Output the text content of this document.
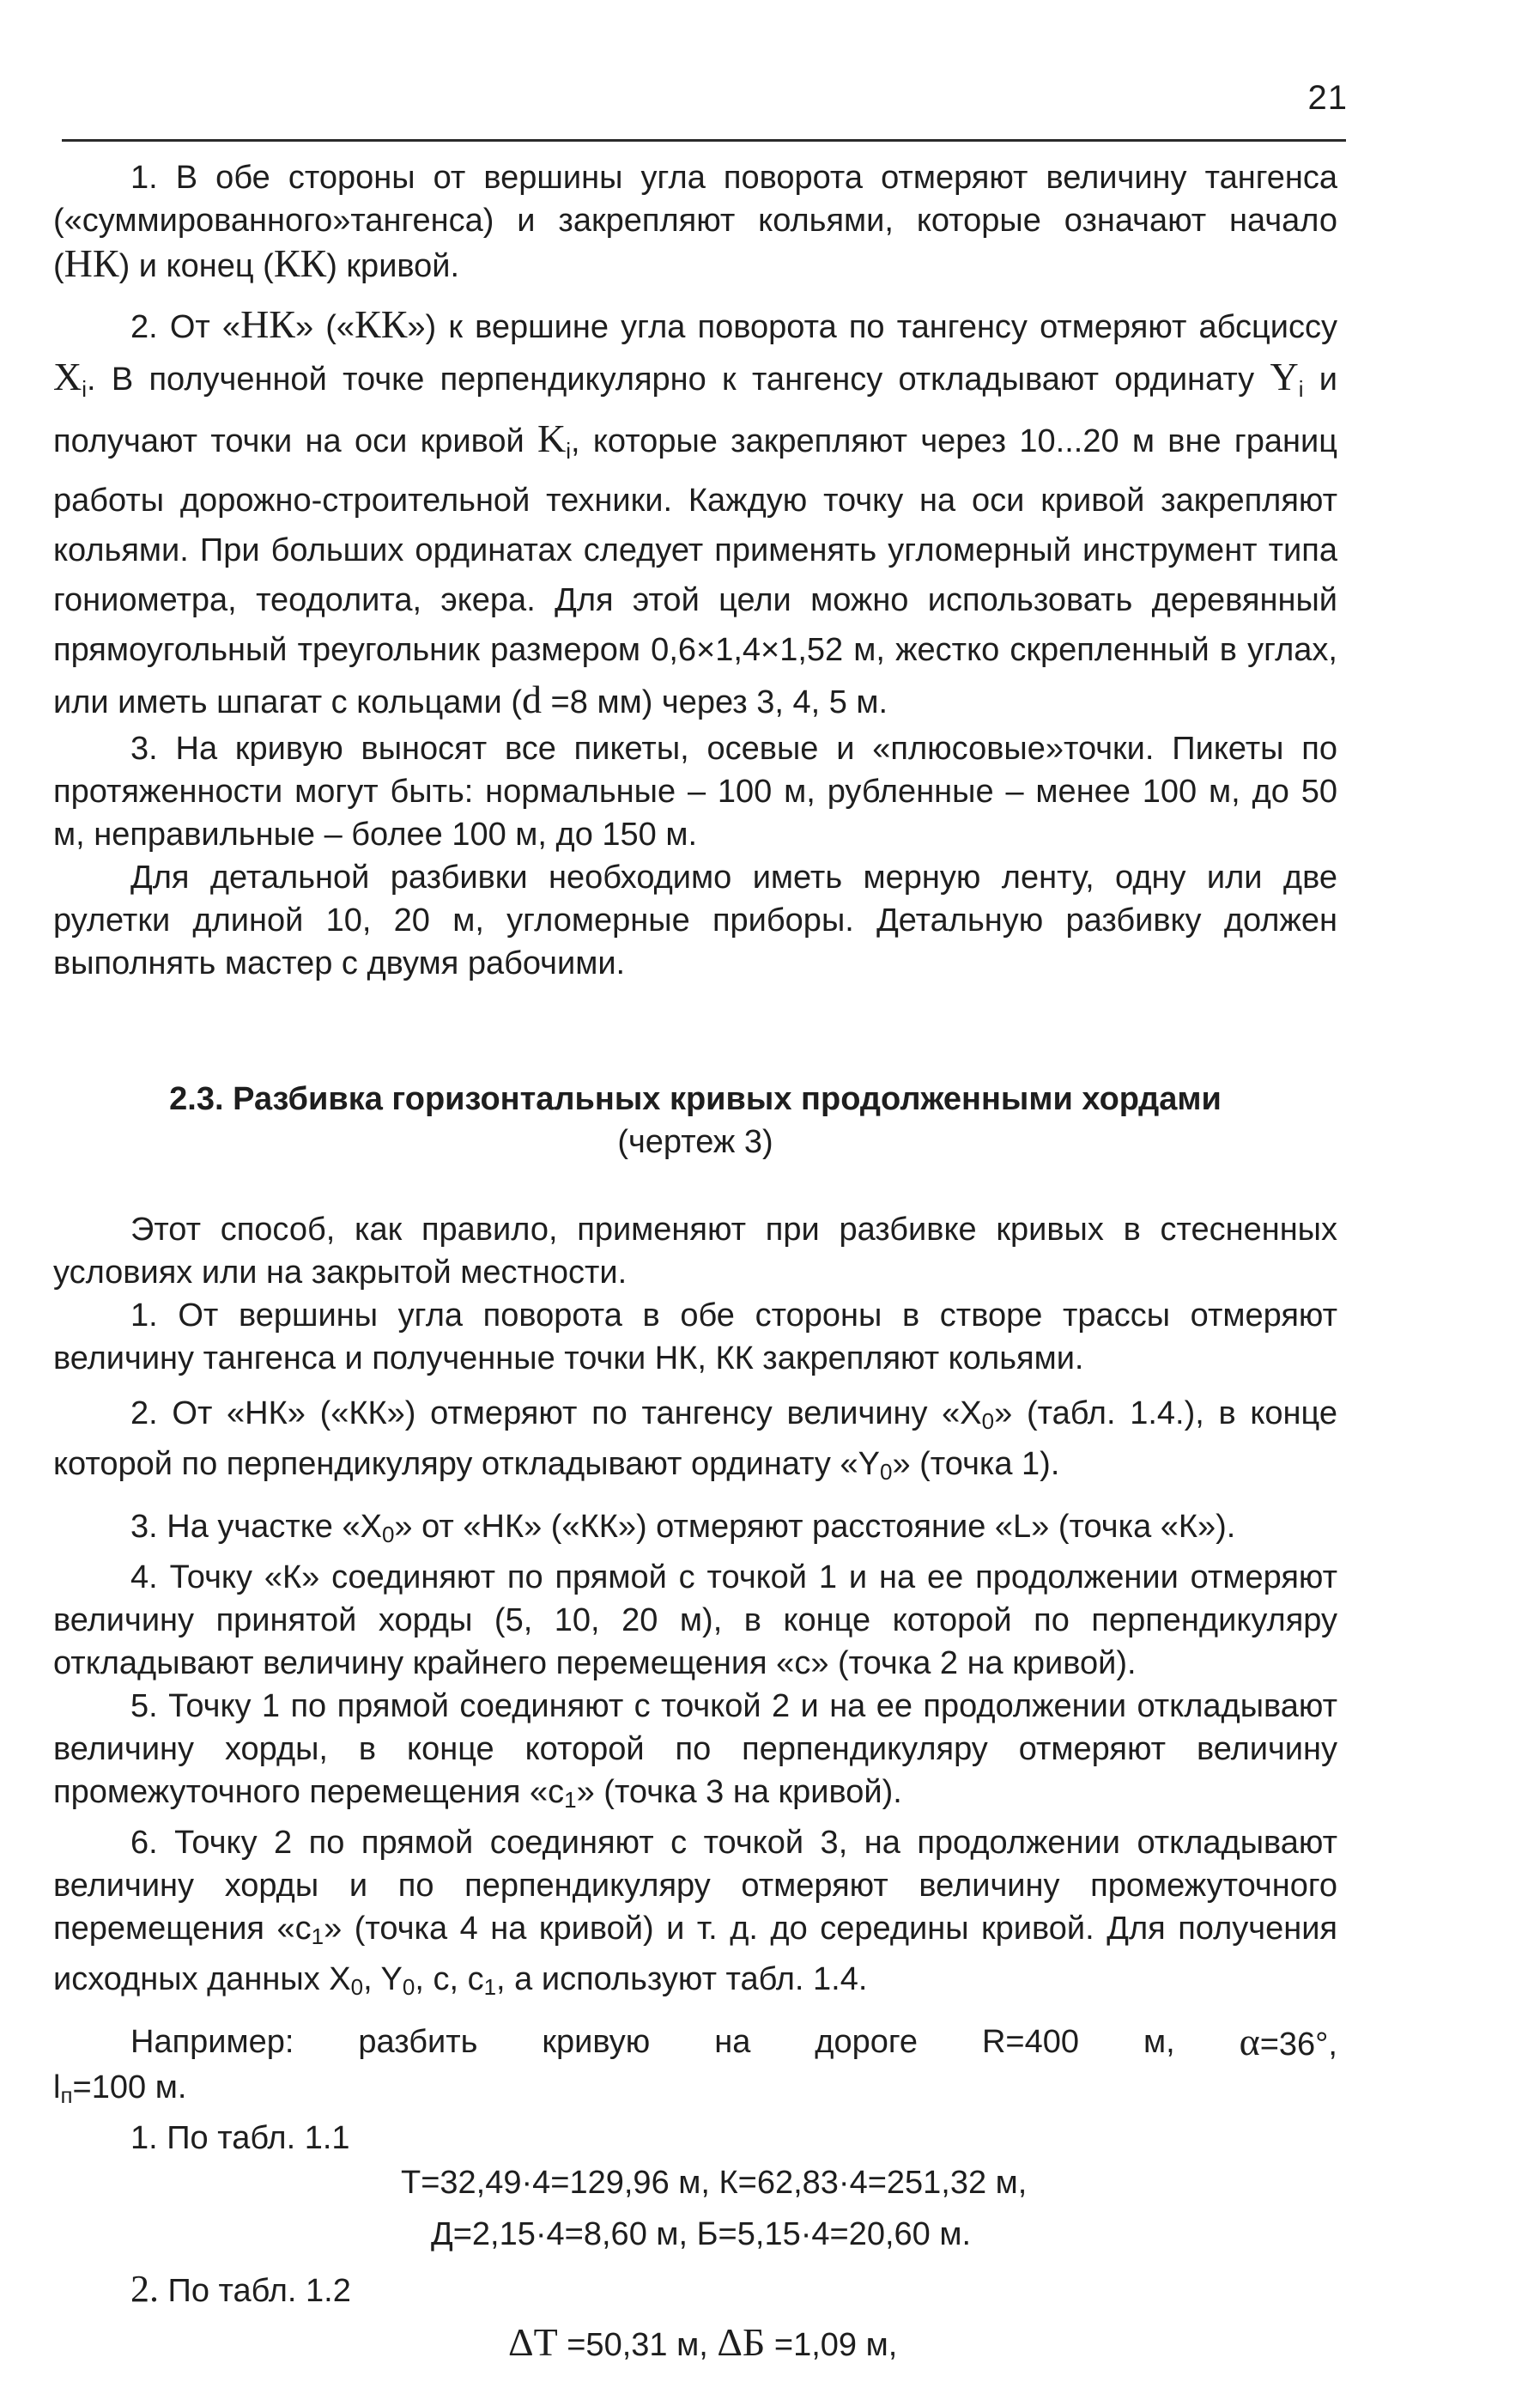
21

1. В обе стороны от вершины угла поворота отмеряют величину тангенса («суммированного»тангенса) и закрепляют кольями, которые означают начало (НК) и конец (КК) кривой.

2. От «НК» («КК») к вершине угла поворота по тангенсу отмеряют абсциссу $X_i$. В полученной точке перпендикулярно к тангенсу откладывают ординату $Y_i$ и получают точки на оси кривой $K_i$, которые закрепляют через 10...20 м вне границ работы дорожно-строительной техники. Каждую точку на оси кривой закрепляют кольями. При больших ординатах следует применять угломерный инструмент типа гониометра, теодолита, экера. Для этой цели можно использовать деревянный прямоугольный треугольник размером 0,6×1,4×1,52 м, жестко скрепленный в углах, или иметь шпагат с кольцами (d =8 мм) через 3, 4, 5 м.

3. На кривую выносят все пикеты, осевые и «плюсовые»точки. Пикеты по протяженности могут быть: нормальные – 100 м, рубленные – менее 100 м, до 50 м, неправильные – более 100 м, до 150 м.

Для детальной разбивки необходимо иметь мерную ленту, одну или две рулетки длиной 10, 20 м, угломерные приборы. Детальную разбивку должен выполнять мастер с двумя рабочими.

2.3. Разбивка горизонтальных кривых продолженными хордами
(чертеж 3)

Этот способ, как правило, применяют при разбивке кривых в стесненных условиях или на закрытой местности.

1. От вершины угла поворота в обе стороны в створе трассы отмеряют величину тангенса и полученные точки НК, КК закрепляют кольями.

2. От «НК» («КК») отмеряют по тангенсу величину «X0» (табл. 1.4.), в конце которой по перпендикуляру откладывают ординату «Y0» (точка 1).

3. На участке «X0» от «НК» («КК») отмеряют расстояние «L» (точка «К»).

4. Точку «К» соединяют по прямой с точкой 1 и на ее продолжении отмеряют величину принятой хорды (5, 10, 20 м), в конце которой по перпендикуляру откладывают величину крайнего перемещения «с» (точка 2 на кривой).

5. Точку 1 по прямой соединяют с точкой 2 и на ее продолжении откладывают величину хорды, в конце которой по перпендикуляру отмеряют величину промежуточного перемещения «с1» (точка 3 на кривой).

6. Точку 2 по прямой соединяют с точкой 3, на продолжении откладывают величину хорды и по перпендикуляру отмеряют величину промежуточного перемещения «с1» (точка 4 на кривой) и т. д. до середины кривой. Для получения исходных данных X0, Y0, с, с1, а используют табл. 1.4.

Например: разбить кривую на дороге R=400 м, α=36°,

lп=100 м.

1. По табл. 1.1

Т=32,49·4=129,96 м, К=62,83·4=251,32 м,

Д=2,15·4=8,60 м, Б=5,15·4=20,60 м.

2. По табл. 1.2

ΔТ =50,31 м, ΔБ =1,09 м,
